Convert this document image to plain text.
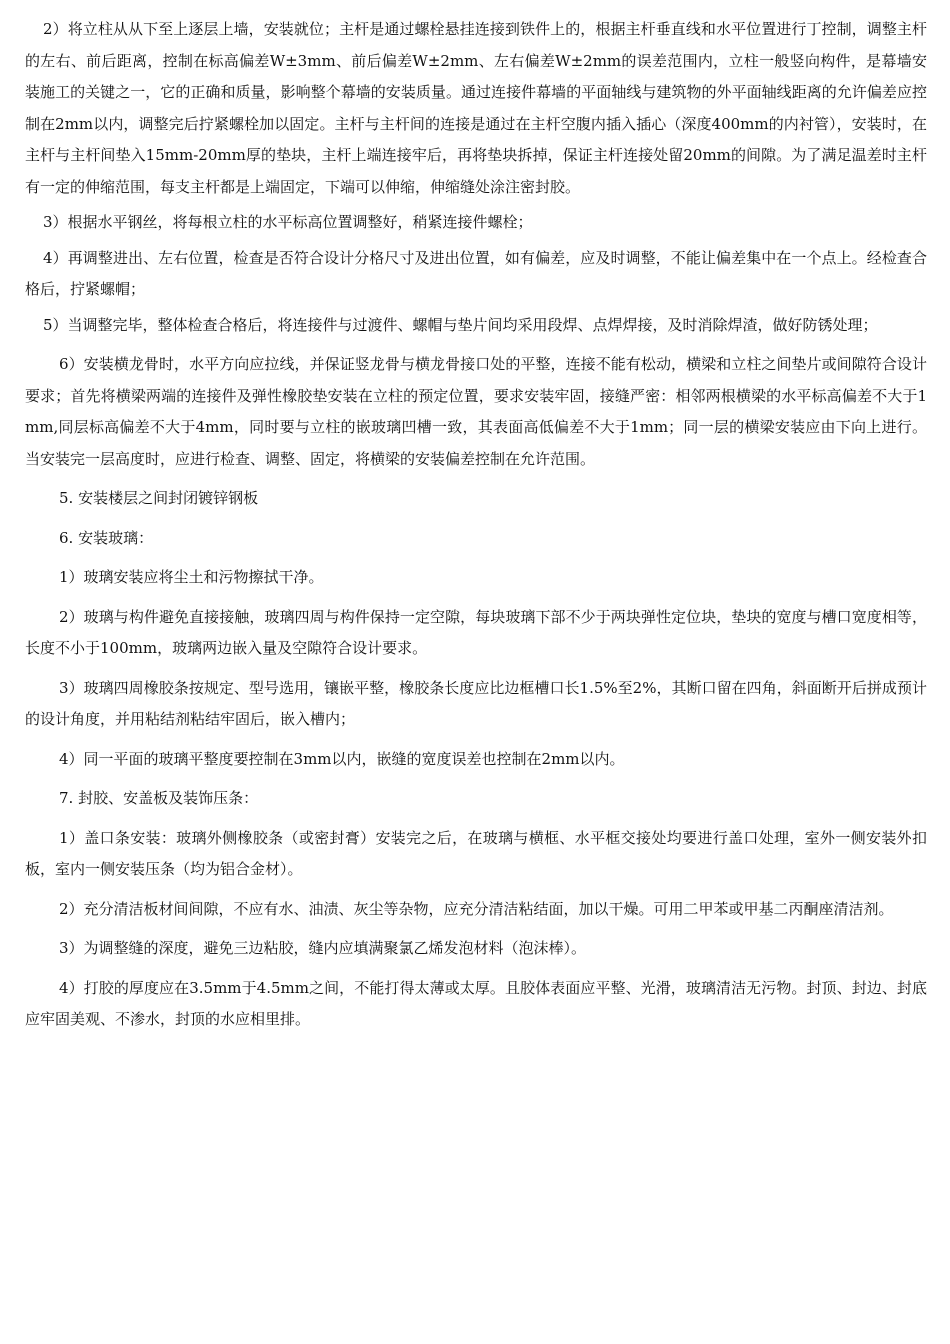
2）将立柱从从下至上逐层上墙，安装就位；主杆是通过螺栓悬挂连接到铁件上的，根据主杆垂直线和水平位置进行丁控制，调整主杆的左右、前后距离，控制在标高偏差W±3mm、前后偏差W±2mm、左右偏差W±2mm的误差范围内，立柱一般竖向构件，是幕墙安装施工的关键之一，它的正确和质量，影响整个幕墙的安装质量。通过连接件幕墙的平面轴线与建筑物的外平面轴线距离的允许偏差应控制在2mm以内，调整完后拧紧螺栓加以固定。主杆与主杆间的连接是通过在主杆空腹内插入插心（深度400mm的内衬管），安装时，在主杆与主杆间垫入15mm-20mm厚的垫块，主杆上端连接牢后，再将垫块拆掉，保证主杆连接处留20mm的间隙。为了满足温差时主杆有一定的伸缩范围，每支主杆都是上端固定，下端可以伸缩，伸缩缝处涂注密封胶。

3）根据水平钢丝，将每根立柱的水平标高位置调整好，稍紧连接件螺栓；

4）再调整进出、左右位置，检查是否符合设计分格尺寸及进出位置，如有偏差，应及时调整，不能让偏差集中在一个点上。经检查合格后，拧紧螺帽；

5）当调整完毕，整体检查合格后，将连接件与过渡件、螺帽与垫片间均采用段焊、点焊焊接，及时消除焊渣，做好防锈处理；

6）安装横龙骨时，水平方向应拉线，并保证竖龙骨与横龙骨接口处的平整，连接不能有松动，横梁和立柱之间垫片或间隙符合设计要求；首先将横梁两端的连接件及弹性橡胶垫安装在立柱的预定位置，要求安装牢固，接缝严密：相邻两根横梁的水平标高偏差不大于1mm,同层标高偏差不大于4mm，同时要与立柱的嵌玻璃凹槽一致，其表面高低偏差不大于1mm；同一层的横梁安装应由下向上进行。当安装完一层高度时，应进行检查、调整、固定，将横梁的安装偏差控制在允许范围。

5. 安装楼层之间封闭镀锌钢板

6. 安装玻璃：

1）玻璃安装应将尘土和污物擦拭干净。

2）玻璃与构件避免直接接触，玻璃四周与构件保持一定空隙，每块玻璃下部不少于两块弹性定位块，垫块的宽度与槽口宽度相等，长度不小于100mm，玻璃两边嵌入量及空隙符合设计要求。

3）玻璃四周橡胶条按规定、型号选用，镶嵌平整，橡胶条长度应比边框槽口长1.5%至2%，其断口留在四角，斜面断开后拼成预计的设计角度，并用粘结剂粘结牢固后，嵌入槽内；

4）同一平面的玻璃平整度要控制在3mm以内，嵌缝的宽度误差也控制在2mm以内。

7. 封胶、安盖板及装饰压条：

1）盖口条安装：玻璃外侧橡胶条（或密封膏）安装完之后，在玻璃与横框、水平框交接处均要进行盖口处理，室外一侧安装外扣板，室内一侧安装压条（均为铝合金材）。

2）充分清洁板材间间隙，不应有水、油渍、灰尘等杂物，应充分清洁粘结面，加以干燥。可用二甲苯或甲基二丙酮座清洁剂。

3）为调整缝的深度，避免三边粘胶，缝内应填满聚氯乙烯发泡材料（泡沫棒）。

4）打胶的厚度应在3.5mm于4.5mm之间，不能打得太薄或太厚。且胶体表面应平整、光滑，玻璃清洁无污物。封顶、封边、封底应牢固美观、不渗水，封顶的水应相里排。
